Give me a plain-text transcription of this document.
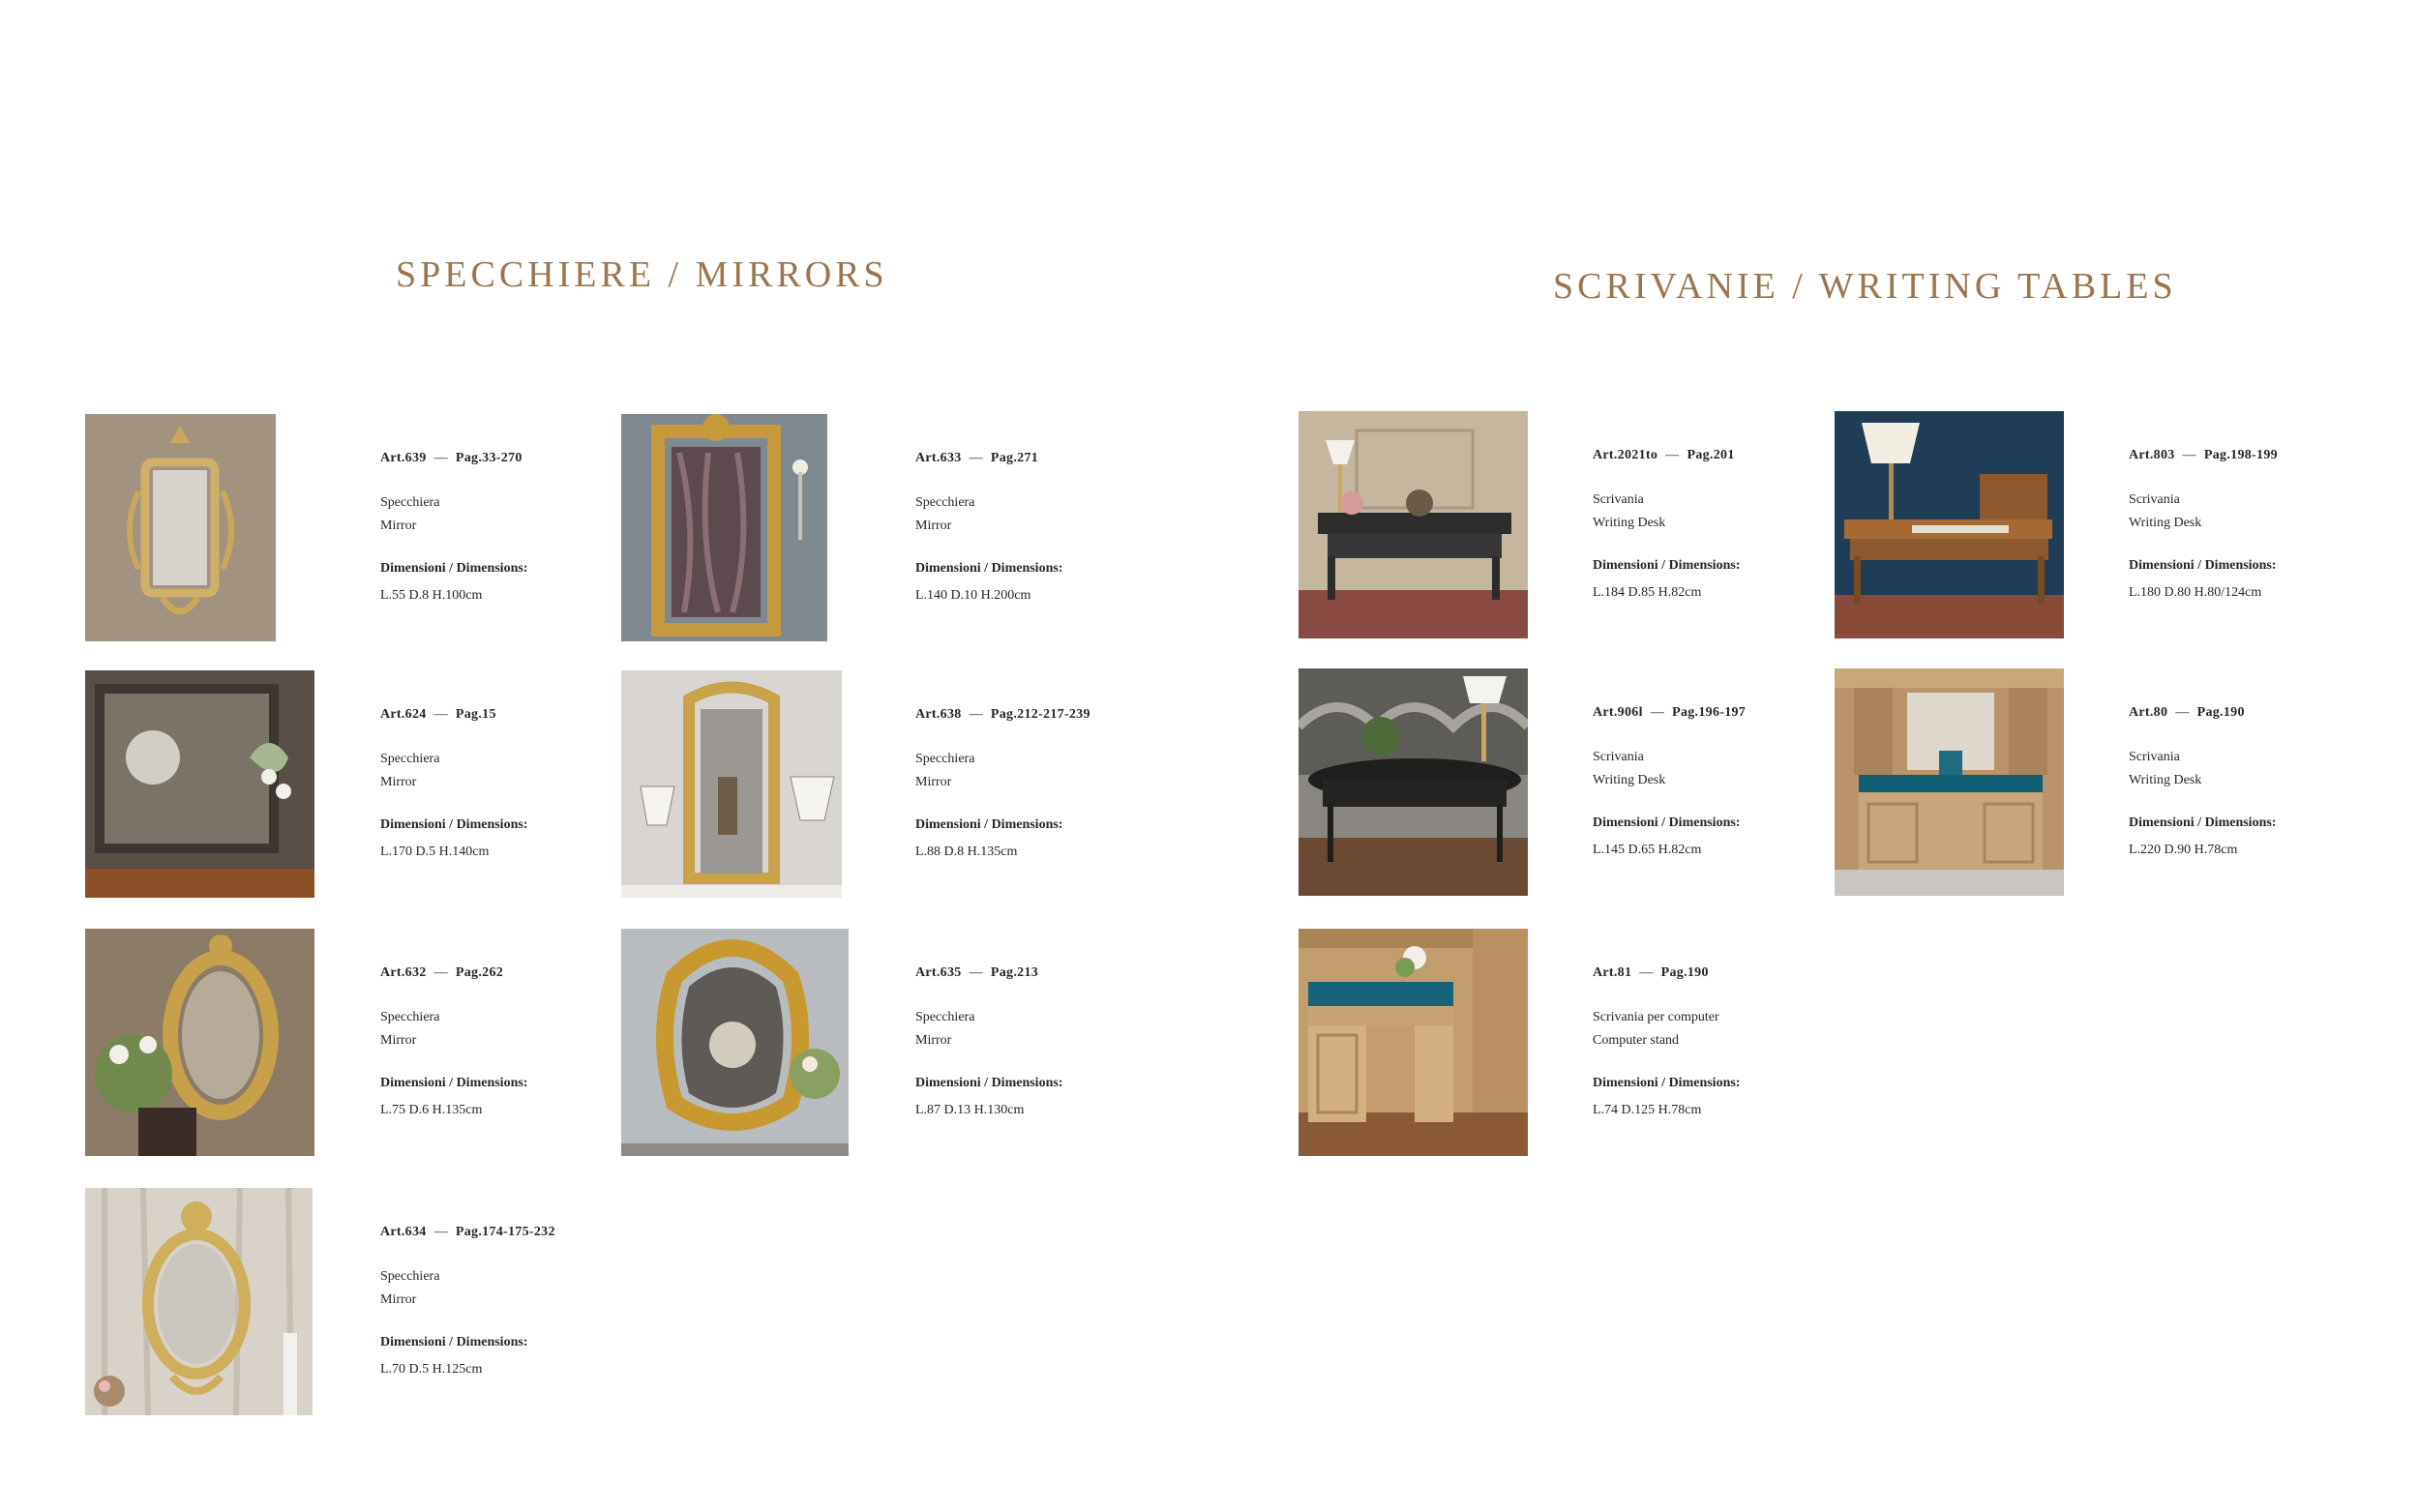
SPECCHIERE / MIRRORS	SCRIVANIE / WRITING TABLES
Art.639 — Pag.33-270
Specchiera
Mirror
Dimensioni / Dimensions:
L.55 D.8 H.100cm
Art.633 — Pag.271
Specchiera
Mirror
Dimensioni / Dimensions:
L.140 D.10 H.200cm
Art.624 — Pag.15
Specchiera
Mirror
Dimensioni / Dimensions:
L.170 D.5 H.140cm
Art.638 — Pag.212-217-239
Specchiera
Mirror
Dimensioni / Dimensions:
L.88 D.8 H.135cm
Art.632 — Pag.262
Specchiera
Mirror
Dimensioni / Dimensions:
L.75 D.6 H.135cm
Art.635 — Pag.213
Specchiera
Mirror
Dimensioni / Dimensions:
L.87 D.13 H.130cm
Art.634 — Pag.174-175-232
Specchiera
Mirror
Dimensioni / Dimensions:
L.70 D.5 H.125cm
Art.2021to — Pag.201
Scrivania
Writing Desk
Dimensioni / Dimensions:
L.184 D.85 H.82cm
Art.803 — Pag.198-199
Scrivania
Writing Desk
Dimensioni / Dimensions:
L.180 D.80 H.80/124cm
Art.906l — Pag.196-197
Scrivania
Writing Desk
Dimensioni / Dimensions:
L.145 D.65 H.82cm
Art.80 — Pag.190
Scrivania
Writing Desk
Dimensioni / Dimensions:
L.220 D.90 H.78cm
Art.81 — Pag.190
Scrivania per computer
Computer stand
Dimensioni / Dimensions:
L.74 D.125 H.78cm
